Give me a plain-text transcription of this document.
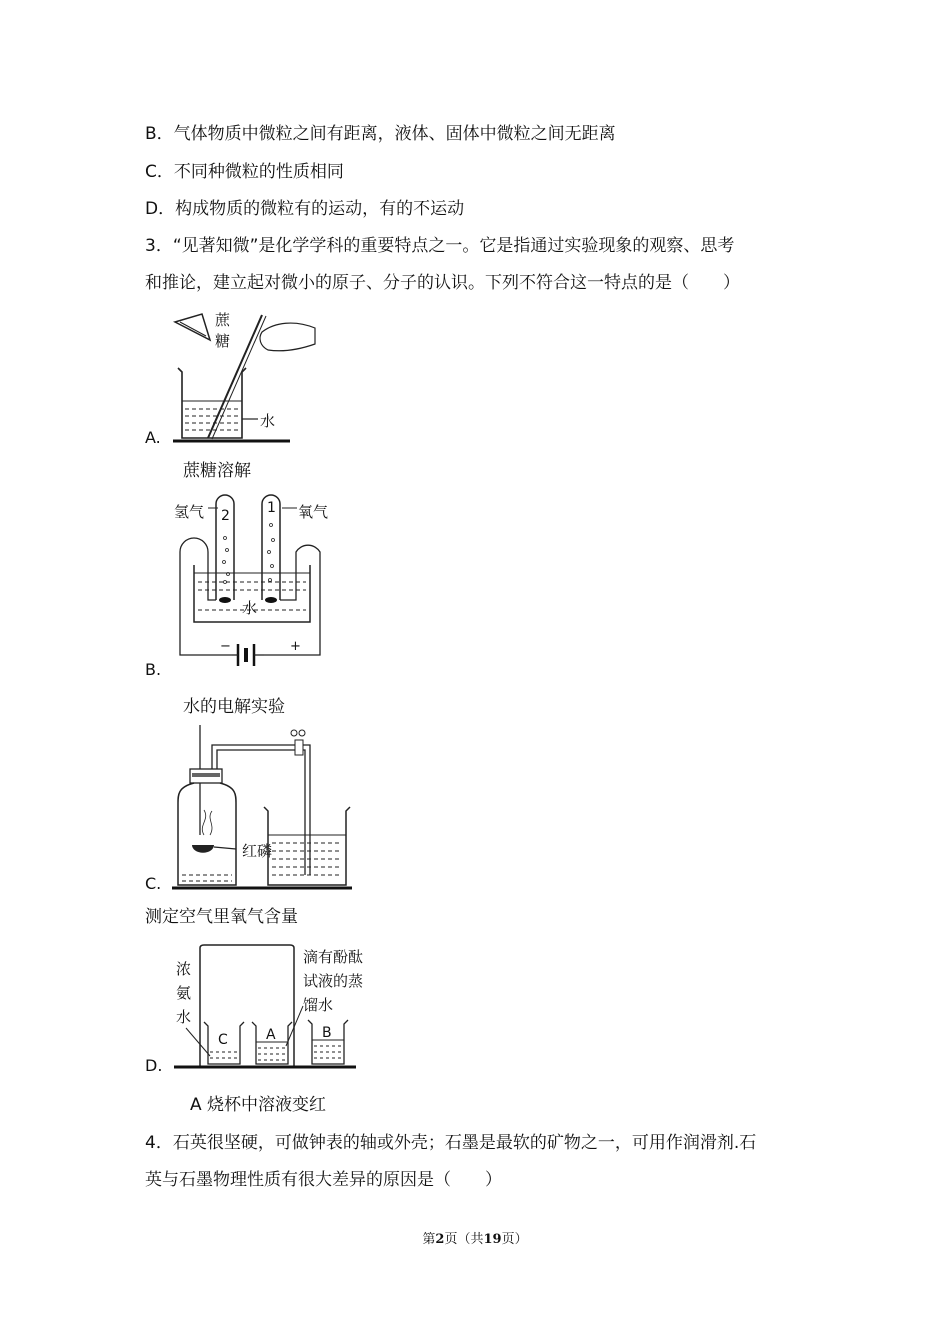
B．气体物质中微粒之间有距离，液体、固体中微粒之间无距离
C．不同种微粒的性质相同
D．构成物质的微粒有的运动，有的不运动
3．“见著知微”是化学学科的重要特点之一。它是指通过实验现象的观察、思考
和推论，建立起对微小的原子、分子的认识。下列不符合这一特点的是（　　）
A.
蔗
糖
水
蔗糖溶解
B.
氢气	氧气
2	1
水
−	+
水的电解实验
C.
红磷
测定空气里氧气含量
D.
浓
氨
水
滴有酚酞
试液的蒸
馏水
C	A	B
A 烧杯中溶液变红
4．石英很坚硬，可做钟表的轴或外壳；石墨是最软的矿物之一，可用作润滑剂.石
英与石墨物理性质有很大差异的原因是（　　）
第2页（共19页）
